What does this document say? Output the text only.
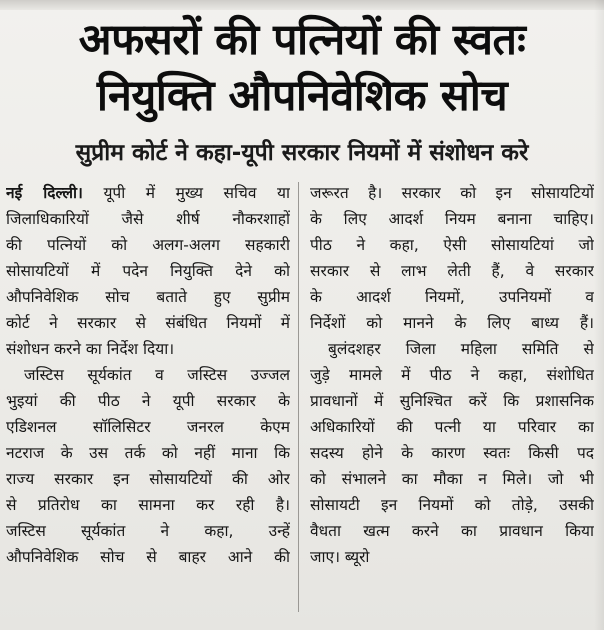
अफसरों की पत्नियों की स्वतः
नियुक्ति औपनिवेशिक सोच
सुप्रीम कोर्ट ने कहा-यूपी सरकार नियमों में संशोधन करे
नई दिल्ली। यूपी में मुख्य सचिव या
जिलाधिकारियों जैसे शीर्ष नौकरशाहों
की पत्नियों को अलग-अलग सहकारी
सोसायटियों में पदेन नियुक्ति देने को
औपनिवेशिक सोच बताते हुए सुप्रीम
कोर्ट ने सरकार से संबंधित नियमों में
संशोधन करने का निर्देश दिया।
जस्टिस सूर्यकांत व जस्टिस उज्जल
भुइयां की पीठ ने यूपी सरकार के
एडिशनल सॉलिसिटर जनरल केएम
नटराज के उस तर्क को नहीं माना कि
राज्य सरकार इन सोसायटियों की ओर
से प्रतिरोध का सामना कर रही है।
जस्टिस सूर्यकांत ने कहा, उन्हें
औपनिवेशिक सोच से बाहर आने की
जरूरत है। सरकार को इन सोसायटियों
के लिए आदर्श नियम बनाना चाहिए।
पीठ ने कहा, ऐसी सोसायटियां जो
सरकार से लाभ लेती हैं, वे सरकार
के आदर्श नियमों, उपनियमों व
निर्देशों को मानने के लिए बाध्य हैं।
बुलंदशहर जिला महिला समिति से
जुड़े मामले में पीठ ने कहा, संशोधित
प्रावधानों में सुनिश्चित करें कि प्रशासनिक
अधिकारियों की पत्नी या परिवार का
सदस्य होने के कारण स्वतः किसी पद
को संभालने का मौका न मिले। जो भी
सोसायटी इन नियमों को तोड़े, उसकी
वैधता खत्म करने का प्रावधान किया
जाए। ब्यूरो
